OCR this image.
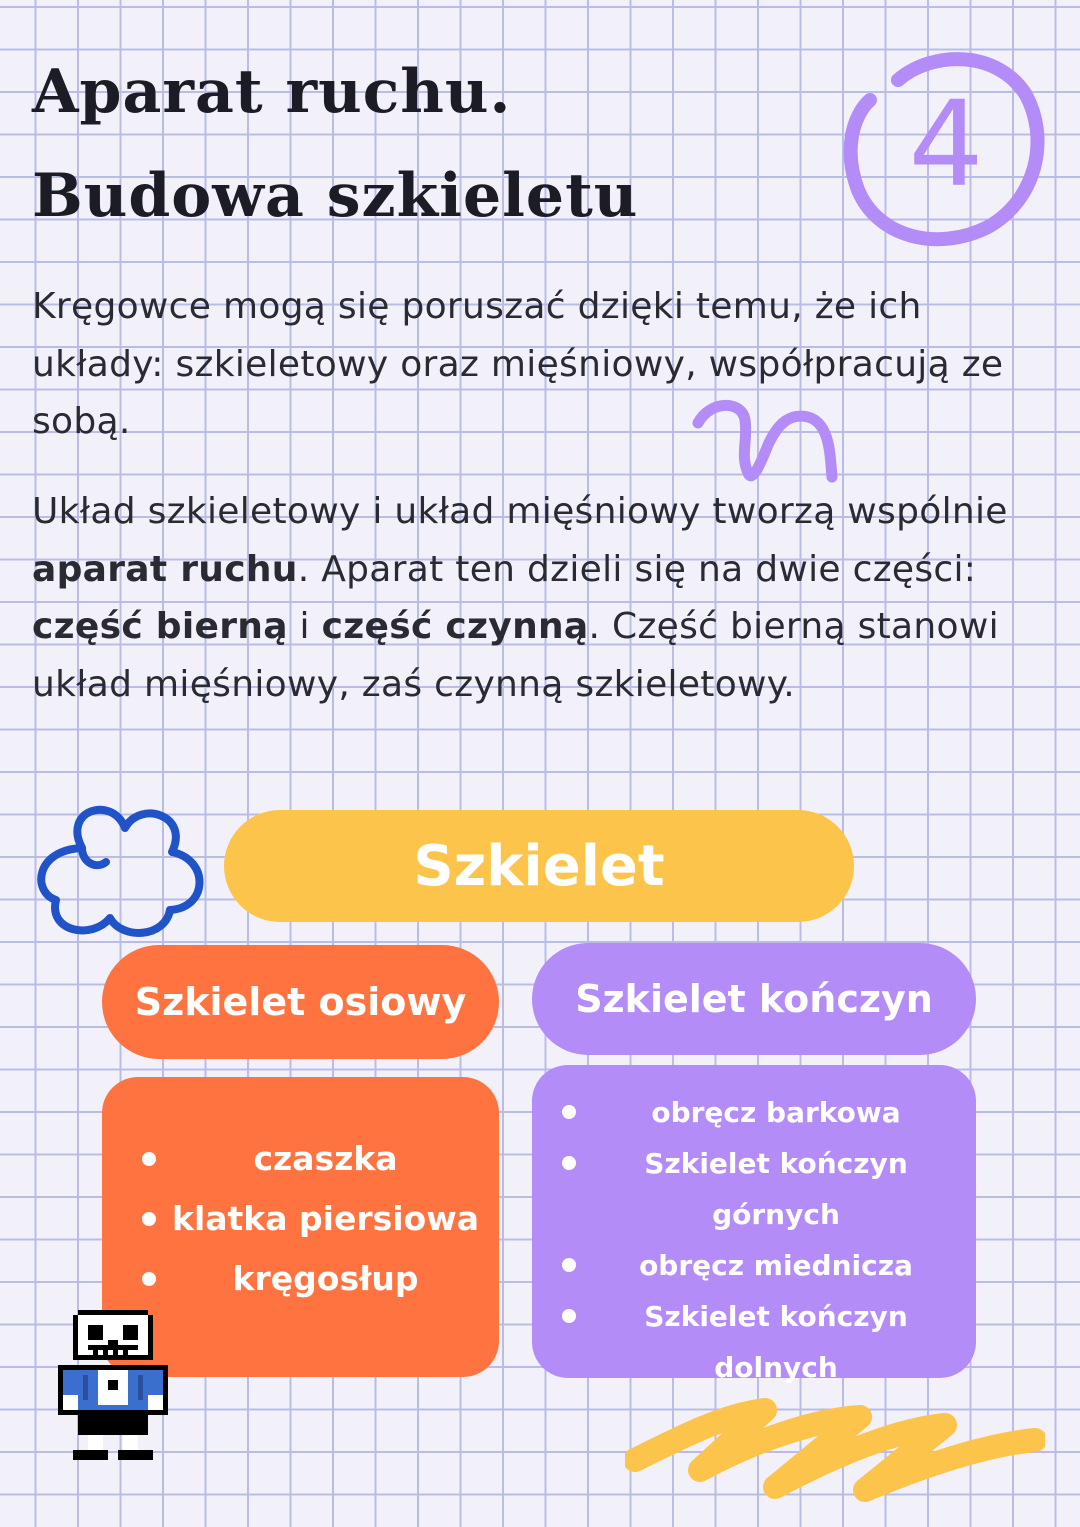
Aparat ruchu.
Budowa szkieletu 4

Kręgowce mogą się poruszać dzięki temu, że ich układy: szkieletowy oraz mięśniowy, współpracują ze sobą.

Układ szkieletowy i układ mięśniowy tworzą wspólnie aparat ruchu. Aparat ten dzieli się na dwie części: część bierną i część czynną. Część bierną stanowi układ mięśniowy, zaś czynną szkieletowy.

Szkielet
Szkielet osiowy	Szkielet kończyn
czaszka
klatka piersiowa
kręgosłup
obręcz barkowa
Szkielet kończyn
górnych
obręcz miednicza
Szkielet kończyn dolnych
